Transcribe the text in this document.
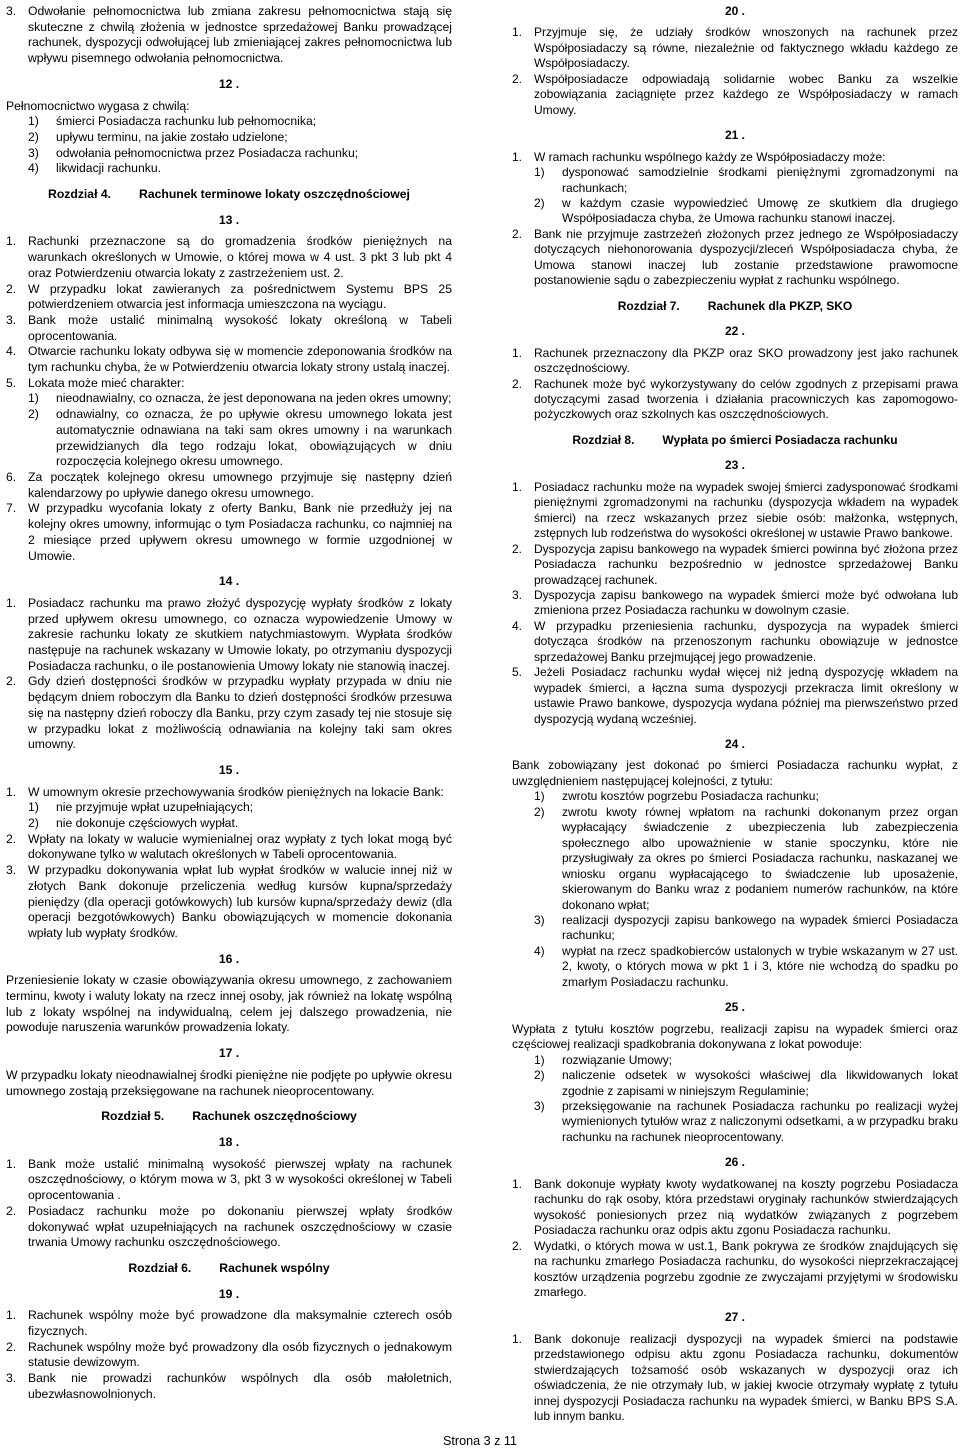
3. Odwołanie pełnomocnictwa lub zmiana zakresu pełnomocnictwa stają się skuteczne z chwilą złożenia w jednostce sprzedażowej Banku prowadzącej rachunek, dyspozycji odwołującej lub zmieniającej zakres pełnomocnictwa lub wpływu pisemnego odwołania pełnomocnictwa.
12 .

Pełnomocnictwo wygasa z chwilą:

1)	śmierci Posiadacza rachunku lub pełnomocnika;
2)	upływu terminu, na jakie zostało udzielone;
3)	odwołania pełnomocnictwa przez Posiadacza rachunku;
4)	likwidacji rachunku.
Rozdział 4. Rachunek terminowe lokaty oszczędnościowej
13 .
1. Rachunki przeznaczone są do gromadzenia środków pieniężnych na warunkach określonych w Umowie, o której mowa w 4 ust. 3 pkt 3 lub pkt 4 oraz Potwierdzeniu otwarcia lokaty z zastrzeżeniem ust. 2.
2. W przypadku lokat zawieranych za pośrednictwem Systemu BPS 25 potwierdzeniem otwarcia jest informacja umieszczona na wyciągu.
3. Bank może ustalić minimalną wysokość lokaty określoną w Tabeli oprocentowania.
4. Otwarcie rachunku lokaty odbywa się w momencie zdeponowania środków na tym rachunku chyba, że w Potwierdzeniu otwarcia lokaty strony ustalą inaczej.
5. Lokata może mieć charakter:
1)	nieodnawialny, co oznacza, że jest deponowana na jeden okres umowny;
2)	odnawialny, co oznacza, że po upływie okresu umownego lokata jest automatycznie odnawiana na taki sam okres umowny i na warunkach przewidzianych dla tego rodzaju lokat, obowiązujących w dniu rozpoczęcia kolejnego okresu umownego.
6. Za początek kolejnego okresu umownego przyjmuje się następny dzień kalendarzowy po upływie danego okresu umownego.
7. W przypadku wycofania lokaty z oferty Banku, Bank nie przedłuży jej na kolejny okres umowny, informując o tym Posiadacza rachunku, co najmniej na 2 miesiące przed upływem okresu umownego w formie uzgodnionej w Umowie.
14 .
1. Posiadacz rachunku ma prawo złożyć dyspozycję wypłaty środków z lokaty przed upływem okresu umownego, co oznacza wypowiedzenie Umowy w zakresie rachunku lokaty ze skutkiem natychmiastowym. Wypłata środków następuje na rachunek wskazany w Umowie lokaty, po otrzymaniu dyspozycji Posiadacza rachunku, o ile postanowienia Umowy lokaty nie stanowią inaczej.
2. Gdy dzień dostępności środków w przypadku wypłaty przypada w dniu nie będącym dniem roboczym dla Banku to dzień dostępności środków przesuwa się na następny dzień roboczy dla Banku, przy czym zasady tej nie stosuje się w przypadku lokat z możliwością odnawiania na kolejny taki sam okres umowny.
15 .
1. W umownym okresie przechowywania środków pieniężnych na lokacie Bank:
1)	nie przyjmuje wpłat uzupełniających;
2)	nie dokonuje częściowych wypłat.
2. Wpłaty na lokaty w walucie wymienialnej oraz wypłaty z tych lokat mogą być dokonywane tylko w walutach określonych w Tabeli oprocentowania.
3. W przypadku dokonywania wpłat lub wypłat środków w walucie innej niż w złotych Bank dokonuje przeliczenia według kursów kupna/sprzedaży pieniędzy (dla operacji gotówkowych) lub kursów kupna/sprzedaży dewiz (dla operacji bezgotówkowych) Banku obowiązujących w momencie dokonania wpłaty lub wypłaty środków.
16 .

Przeniesienie lokaty w czasie obowiązywania okresu umownego, z zachowaniem terminu, kwoty i waluty lokaty na rzecz innej osoby, jak również na lokatę wspólną lub z lokaty wspólnej na indywidualną, celem jej dalszego prowadzenia, nie powoduje naruszenia warunków prowadzenia lokaty.

17 .

W przypadku lokaty nieodnawialnej środki pieniężne nie podjęte po upływie okresu umownego zostają przeksięgowane na rachunek nieoprocentowany.

Rozdział 5. Rachunek oszczędnościowy
18 .
1. Bank może ustalić minimalną wysokość pierwszej wpłaty na rachunek oszczędnościowy, o którym mowa w 3, pkt 3 w wysokości określonej w Tabeli oprocentowania .
2. Posiadacz rachunku może po dokonaniu pierwszej wpłaty środków dokonywać wpłat uzupełniających na rachunek oszczędnościowy w czasie trwania Umowy rachunku oszczędnościowego.
Rozdział 6. Rachunek wspólny
19 .
1. Rachunek wspólny może być prowadzone dla maksymalnie czterech osób fizycznych.
2. Rachunek wspólny może być prowadzony dla osób fizycznych o jednakowym statusie dewizowym.
3. Bank nie prowadzi rachunków wspólnych dla osób małoletnich, ubezwłasnowolnionych.
20 .
1. Przyjmuje się, że udziały środków wnoszonych na rachunek przez Współposiadaczy są równe, niezależnie od faktycznego wkładu każdego ze Współposiadaczy.
2. Współposiadacze odpowiadają solidarnie wobec Banku za wszelkie zobowiązania zaciągnięte przez każdego ze Współposiadaczy w ramach Umowy.
21 .
1. W ramach rachunku wspólnego każdy ze Współposiadaczy może:
1)	dysponować samodzielnie środkami pieniężnymi zgromadzonymi na rachunkach;
2)	w każdym czasie wypowiedzieć Umowę ze skutkiem dla drugiego Współposiadacza chyba, że Umowa rachunku stanowi inaczej.
2. Bank nie przyjmuje zastrzeżeń złożonych przez jednego ze Współposiadaczy dotyczących niehonorowania dyspozycji/zleceń Współposiadacza chyba, że Umowa stanowi inaczej lub zostanie przedstawione prawomocne postanowienie sądu o zabezpieczeniu wypłat z rachunku wspólnego.
Rozdział 7. Rachunek dla PKZP, SKO
22 .
1. Rachunek przeznaczony dla PKZP oraz SKO prowadzony jest jako rachunek oszczędnościowy.
2. Rachunek może być wykorzystywany do celów zgodnych z przepisami prawa dotyczącymi zasad tworzenia i działania pracowniczych kas zapomogowo-pożyczkowych oraz szkolnych kas oszczędnościowych.
Rozdział 8. Wypłata po śmierci Posiadacza rachunku
23 .
1. Posiadacz rachunku może na wypadek swojej śmierci zadysponować środkami pieniężnymi zgromadzonymi na rachunku (dyspozycja wkładem na wypadek śmierci) na rzecz wskazanych przez siebie osób: małżonka, wstępnych, zstępnych lub rodzeństwa do wysokości określonej w ustawie Prawo bankowe.
2. Dyspozycja zapisu bankowego na wypadek śmierci powinna być złożona przez Posiadacza rachunku bezpośrednio w jednostce sprzedażowej Banku prowadzącej rachunek.
3. Dyspozycja zapisu bankowego na wypadek śmierci może być odwołana lub zmieniona przez Posiadacza rachunku w dowolnym czasie.
4. W przypadku przeniesienia rachunku, dyspozycja na wypadek śmierci dotycząca środków na przenoszonym rachunku obowiązuje w jednostce sprzedażowej Banku przejmującej jego prowadzenie.
5. Jeżeli Posiadacz rachunku wydał więcej niż jedną dyspozycję wkładem na wypadek śmierci, a łączna suma dyspozycji przekracza limit określony w ustawie Prawo bankowe, dyspozycja wydana później ma pierwszeństwo przed dyspozycją wydaną wcześniej.
24 .

Bank zobowiązany jest dokonać po śmierci Posiadacza rachunku wypłat, z uwzględnieniem następującej kolejności, z tytułu:

1)	zwrotu kosztów pogrzebu Posiadacza rachunku;
2)	zwrotu kwoty równej wpłatom na rachunki dokonanym przez organ wypłacający świadczenie z ubezpieczenia lub zabezpieczenia społecznego albo upoważnienie w stanie spoczynku, które nie przysługiwały za okres po śmierci Posiadacza rachunku, naskazanej we wniosku organu wypłacającego to świadczenie lub uposażenie, skierowanym do Banku wraz z podaniem numerów rachunków, na które dokonano wpłat;
3)	realizacji dyspozycji zapisu bankowego na wypadek śmierci Posiadacza rachunku;
4)	wypłat na rzecz spadkobierców ustalonych w trybie wskazanym w 27 ust. 2, kwoty, o których mowa w pkt 1 i 3, które nie wchodzą do spadku po zmarłym Posiadaczu rachunku.
25 .

Wypłata z tytułu kosztów pogrzebu, realizacji zapisu na wypadek śmierci oraz częściowej realizacji spadkobrania dokonywana z lokat powoduje:

1)	rozwiązanie Umowy;
2)	naliczenie odsetek w wysokości właściwej dla likwidowanych lokat zgodnie z zapisami w niniejszym Regulaminie;
3)	przeksięgowanie na rachunek Posiadacza rachunku po realizacji wyżej wymienionych tytułów wraz z naliczonymi odsetkami, a w przypadku braku rachunku na rachunek nieoprocentowany.
26 .
1. Bank dokonuje wypłaty kwoty wydatkowanej na koszty pogrzebu Posiadacza rachunku do rąk osoby, która przedstawi oryginały rachunków stwierdzających wysokość poniesionych przez nią wydatków związanych z pogrzebem Posiadacza rachunku oraz odpis aktu zgonu Posiadacza rachunku.
2. Wydatki, o których mowa w ust.1, Bank pokrywa ze środków znajdujących się na rachunku zmarłego Posiadacza rachunku, do wysokości nieprzekraczającej kosztów urządzenia pogrzebu zgodnie ze zwyczajami przyjętymi w środowisku zmarłego.
27 .
1. Bank dokonuje realizacji dyspozycji na wypadek śmierci na podstawie przedstawionego odpisu aktu zgonu Posiadacza rachunku, dokumentów stwierdzających tożsamość osób wskazanych w dyspozycji oraz ich oświadczenia, że nie otrzymały lub, w jakiej kwocie otrzymały wypłatę z tytułu innej dyspozycji Posiadacza rachunku na wypadek śmierci, w Banku BPS S.A. lub innym banku.
Strona 3 z 11
